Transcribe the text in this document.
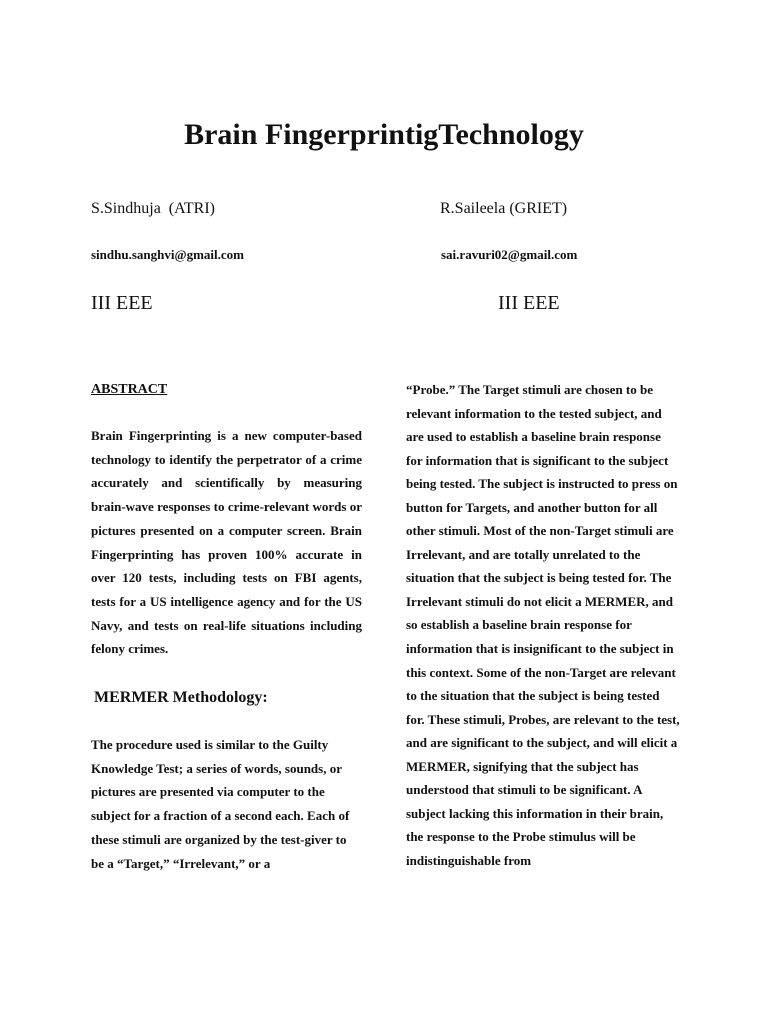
Brain FingerprintigTechnology
S.Sindhuja  (ATRI)	R.Saileela (GRIET)
sindhu.sanghvi@gmail.com	sai.ravuri02@gmail.com
III EEE	III EEE
ABSTRACT

Brain Fingerprinting is a new computer-based technology to identify the perpetrator of a crime accurately and scientifically by measuring brain-wave responses to crime-relevant words or pictures presented on a computer screen. Brain Fingerprinting has proven 100% accurate in over 120 tests, including tests on FBI agents, tests for a US intelligence agency and for the US Navy, and tests on real-life situations including felony crimes.

MERMER Methodology:

The procedure used is similar to the Guilty Knowledge Test; a series of words, sounds, or pictures are presented via computer to the subject for a fraction of a second each. Each of these stimuli are organized by the test-giver to be a “Target,” “Irrelevant,” or a

“Probe.” The Target stimuli are chosen to be relevant information to the tested subject, and are used to establish a baseline brain response for information that is significant to the subject being tested. The subject is instructed to press on button for Targets, and another button for all other stimuli. Most of the non-Target stimuli are Irrelevant, and are totally unrelated to the situation that the subject is being tested for. The Irrelevant stimuli do not elicit a MERMER, and so establish a baseline brain response for information that is insignificant to the subject in this context. Some of the non-Target are relevant to the situation that the subject is being tested for. These stimuli, Probes, are relevant to the test, and are significant to the subject, and will elicit a MERMER, signifying that the subject has understood that stimuli to be significant. A subject lacking this information in their brain, the response to the Probe stimulus will be indistinguishable from
